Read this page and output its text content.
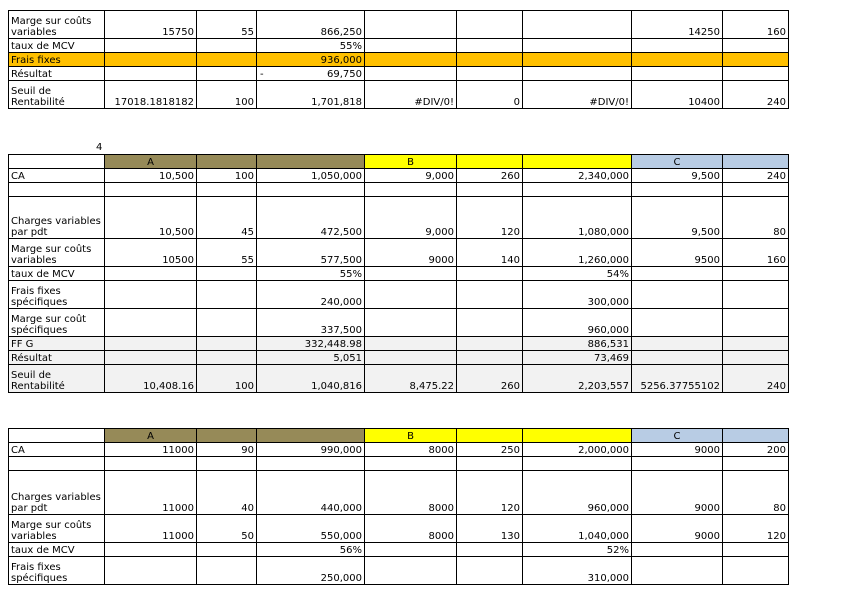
Marge sur coûts variables	15750	55	866,250				14250	160
taux de MCV			55%					
Frais fixes			936,000					
Résultat			- 69,750					
Seuil de Rentabilité	17018.1818182	100	1,701,818	#DIV/0!	0	#DIV/0!	10400	240
4
	A			B			C	
CA	10,500	100	1,050,000	9,000	260	2,340,000	9,500	240

Charges variables par pdt	10,500	45	472,500	9,000	120	1,080,000	9,500	80
Marge sur coûts variables	10500	55	577,500	9000	140	1,260,000	9500	160
taux de MCV			55%			54%		
Frais fixes spécifiques			240,000			300,000		
Marge sur coût spécifiques			337,500			960,000		
FF G			332,448.98			886,531		
Résultat			5,051			73,469		
Seuil de Rentabilité	10,408.16	100	1,040,816	8,475.22	260	2,203,557	5256.37755102	240
	A			B			C	
CA	11000	90	990,000	8000	250	2,000,000	9000	200

Charges variables par pdt	11000	40	440,000	8000	120	960,000	9000	80
Marge sur coûts variables	11000	50	550,000	8000	130	1,040,000	9000	120
taux de MCV			56%			52%		
Frais fixes spécifiques			250,000			310,000		
